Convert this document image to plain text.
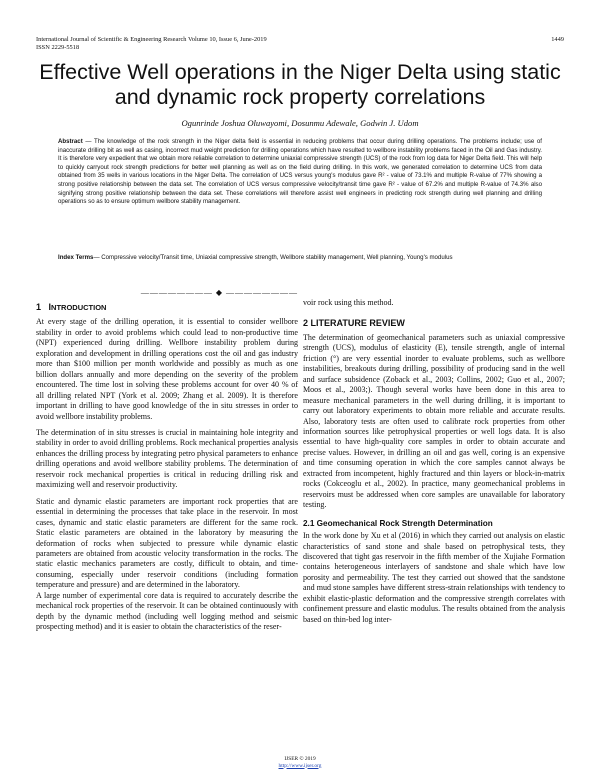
International Journal of Scientific & Engineering Research Volume 10, Issue 6, June-2019
ISSN 2229-5518
1449
Effective Well operations in the Niger Delta using static and dynamic rock property correlations
Ogunrinde Joshua Oluwayomi, Dosunmu Adewale, Godwin J. Udom
Abstract — The knowledge of the rock strength in the Niger delta field is essential in reducing problems that occur during drilling operations. The problems include; use of inaccurate drilling bit as well as casing, incorrect mud weight prediction for drilling operations which have resulted to wellbore instability problems faced in the Oil and Gas industry. It is therefore very expedient that we obtain more reliable correlation to determine uniaxial compressive strength (UCS) of the rock from log data for Niger Delta field. This will help to quickly carryout rock strength predictions for better well planning as well as on the field during drilling. In this work, we generated correlation to determine UCS from data obtained from 35 wells in various locations in the Niger Delta. The correlation of UCS versus young's modulus gave R² - value of 73.1% and multiple R-value of 77% showing a strong positive relationship between the data set. The correlation of UCS versus compressive velocity/transit time gave R² - value of 67.2% and multiple R-value of 74.3% also signifying strong positive relationship between the data set. These correlations will therefore assist well engineers in predicting rock strength during well planning and drilling operations so as to ensure optimum wellbore stability management.
Index Terms— Compressive velocity/Transit time, Uniaxial compressive strength, Wellbore stability management, Well planning, Young's modulus
———————— ◆ ————————
1 INTRODUCTION

At every stage of the drilling operation, it is essential to consider wellbore stability in order to avoid problems which could lead to non-productive time (NPT) experienced during drilling. Wellbore instability problem during exploration and development in drilling operations cost the oil and gas industry more than $100 million per month worldwide and possibly as much as one billion dollars annually and more depending on the severity of the problem encountered. The time lost in solving these problems account for over 40 % of all drilling related NPT (York et al. 2009; Zhang et al. 2009). It is therefore important in drilling to have good knowledge of the in situ stresses in order to avoid wellbore instability problems.

The determination of in situ stresses is crucial in maintaining hole integrity and stability in order to avoid drilling problems. Rock mechanical properties analysis enhances the drilling process by integrating petro physical parameters to enhance drilling operations and avoid wellbore stability problems. The determination of reservoir rock mechanical properties is critical in reducing drilling risk and maximizing well and reservoir productivity.

Static and dynamic elastic parameters are important rock properties that are essential in determining the processes that take place in the reservoir. In most cases, dynamic and static elastic parameters are different for the same rock. Static elastic parameters are obtained in the laboratory by measuring the deformation of rocks when subjected to pressure while dynamic elastic parameters are obtained from acoustic velocity transformation in the rocks. The static elastic mechanics parameters are costly, difficult to obtain, and time-consuming, especially under reservoir conditions (including formation temperature and pressure) and are determined in the laboratory.

A large number of experimental core data is required to accurately describe the mechanical rock properties of the reservoir. It can be obtained continuously with depth by the dynamic method (including well logging method and seismic prospecting method) and it is easier to obtain the characteristics of the reser-

voir rock using this method.

2 LITERATURE REVIEW

The determination of geomechanical parameters such as uniaxial compressive strength (UCS), modulus of elasticity (E), tensile strength, angle of internal friction (°) are very essential inorder to evaluate problems, such as wellbore instabilities, breakouts during drilling, possibility of producing sand in the well and surface subsidence (Zoback et al., 2003; Collins, 2002; Guo et al., 2007; Moos et al., 2003;). Though several works have been done in this area to measure mechanical parameters in the well during drilling, it is important to carry out laboratory experiments to obtain more reliable and accurate results. Also, laboratory tests are often used to calibrate rock properties from other information sources like petrophysical properties or well logs data. It is also essential to have high-quality core samples in order to obtain accurate and precise values. However, in drilling an oil and gas well, coring is an expensive and time consuming operation in which the core samples cannot always be extracted from incompetent, highly fractured and thin layers or block-in-matrix rocks (Cokceoglu et al., 2002). In practice, many geomechanical problems in reservoirs must be addressed when core samples are unavailable for laboratory testing.

2.1 Geomechanical Rock Strength Determination

In the work done by Xu et al (2016) in which they carried out analysis on elastic characteristics of sand stone and shale based on petrophysical tests, they discovered that tight gas reservoir in the fifth member of the Xujiahe Formation contains heterogeneous interlayers of sandstone and shale which have low porosity and permeability. The test they carried out showed that the sandstone and mud stone samples have different stress-strain relationships with tendency to exhibit elastic-plastic deformation and the compressive strength correlates with confinement pressure and elastic modulus. The results obtained from the analysis based on thin-bed log inter-

IJSER © 2019
http://www.ijser.org
